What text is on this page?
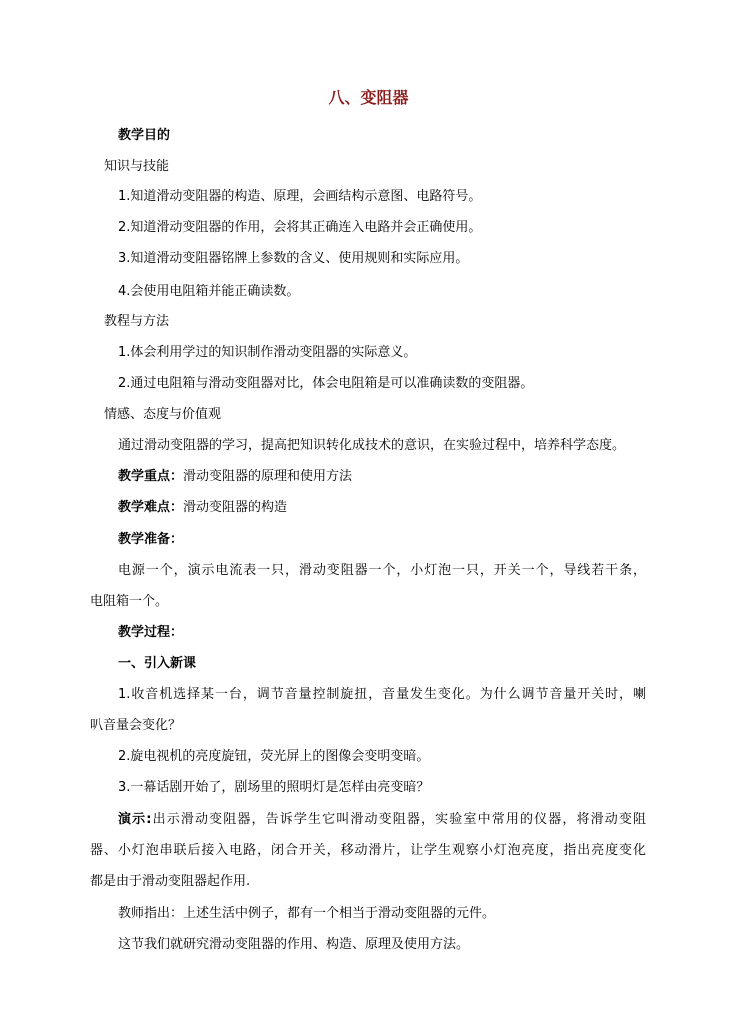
八、变阻器
教学目的
知识与技能
1.知道滑动变阻器的构造、原理，会画结构示意图、电路符号。
2.知道滑动变阻器的作用，会将其正确连入电路并会正确使用。
3.知道滑动变阻器铭牌上参数的含义、使用规则和实际应用。
4.会使用电阻箱并能正确读数。
教程与方法
1.体会利用学过的知识制作滑动变阻器的实际意义。
2.通过电阻箱与滑动变阻器对比，体会电阻箱是可以准确读数的变阻器。
情感、态度与价值观
通过滑动变阻器的学习，提高把知识转化成技术的意识，在实验过程中，培养科学态度。
教学重点：滑动变阻器的原理和使用方法
教学难点：滑动变阻器的构造
教学准备：
电源一个，演示电流表一只，滑动变阻器一个，小灯泡一只，开关一个，导线若干条，
电阻箱一个。
教学过程：
一、引入新课
1.收音机选择某一台，调节音量控制旋扭，音量发生变化。为什么调节音量开关时，喇
叭音量会变化？
2.旋电视机的亮度旋钮，荧光屏上的图像会变明变暗。
3.一幕话剧开始了，剧场里的照明灯是怎样由亮变暗？
演示:出示滑动变阻器，告诉学生它叫滑动变阻器，实验室中常用的仪器，将滑动变阻
器、小灯泡串联后接入电路，闭合开关，移动滑片，让学生观察小灯泡亮度，指出亮度变化
都是由于滑动变阻器起作用.
教师指出：上述生活中例子，都有一个相当于滑动变阻器的元件。
这节我们就研究滑动变阻器的作用、构造、原理及使用方法。
